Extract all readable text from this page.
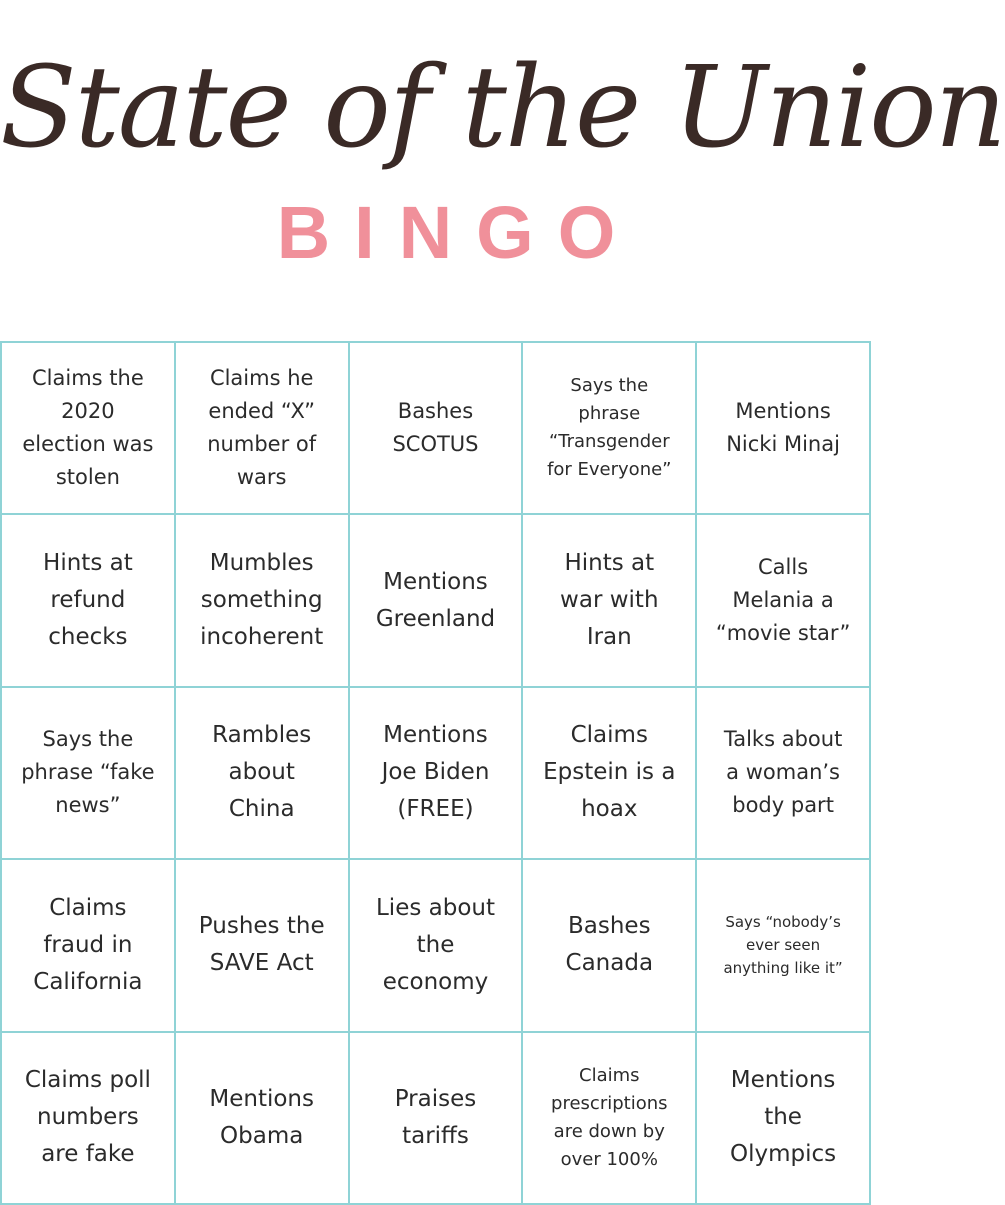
State of the Union
BINGO
Claims the
2020
election was
stolen
Claims he
ended “X”
number of
wars
Bashes
SCOTUS
Says the
phrase
“Transgender
for Everyone”
Mentions
Nicki Minaj
Hints at
refund
checks
Mumbles
something
incoherent
Mentions
Greenland
Hints at
war with
Iran
Calls
Melania a
“movie star”
Says the
phrase “fake
news”
Rambles
about
China
Mentions
Joe Biden
(FREE)
Claims
Epstein is a
hoax
Talks about
a woman’s
body part
Claims
fraud in
California
Pushes the
SAVE Act
Lies about
the
economy
Bashes
Canada
Says “nobody’s
ever seen
anything like it”
Claims poll
numbers
are fake
Mentions
Obama
Praises
tariffs
Claims
prescriptions
are down by
over 100%
Mentions
the
Olympics
